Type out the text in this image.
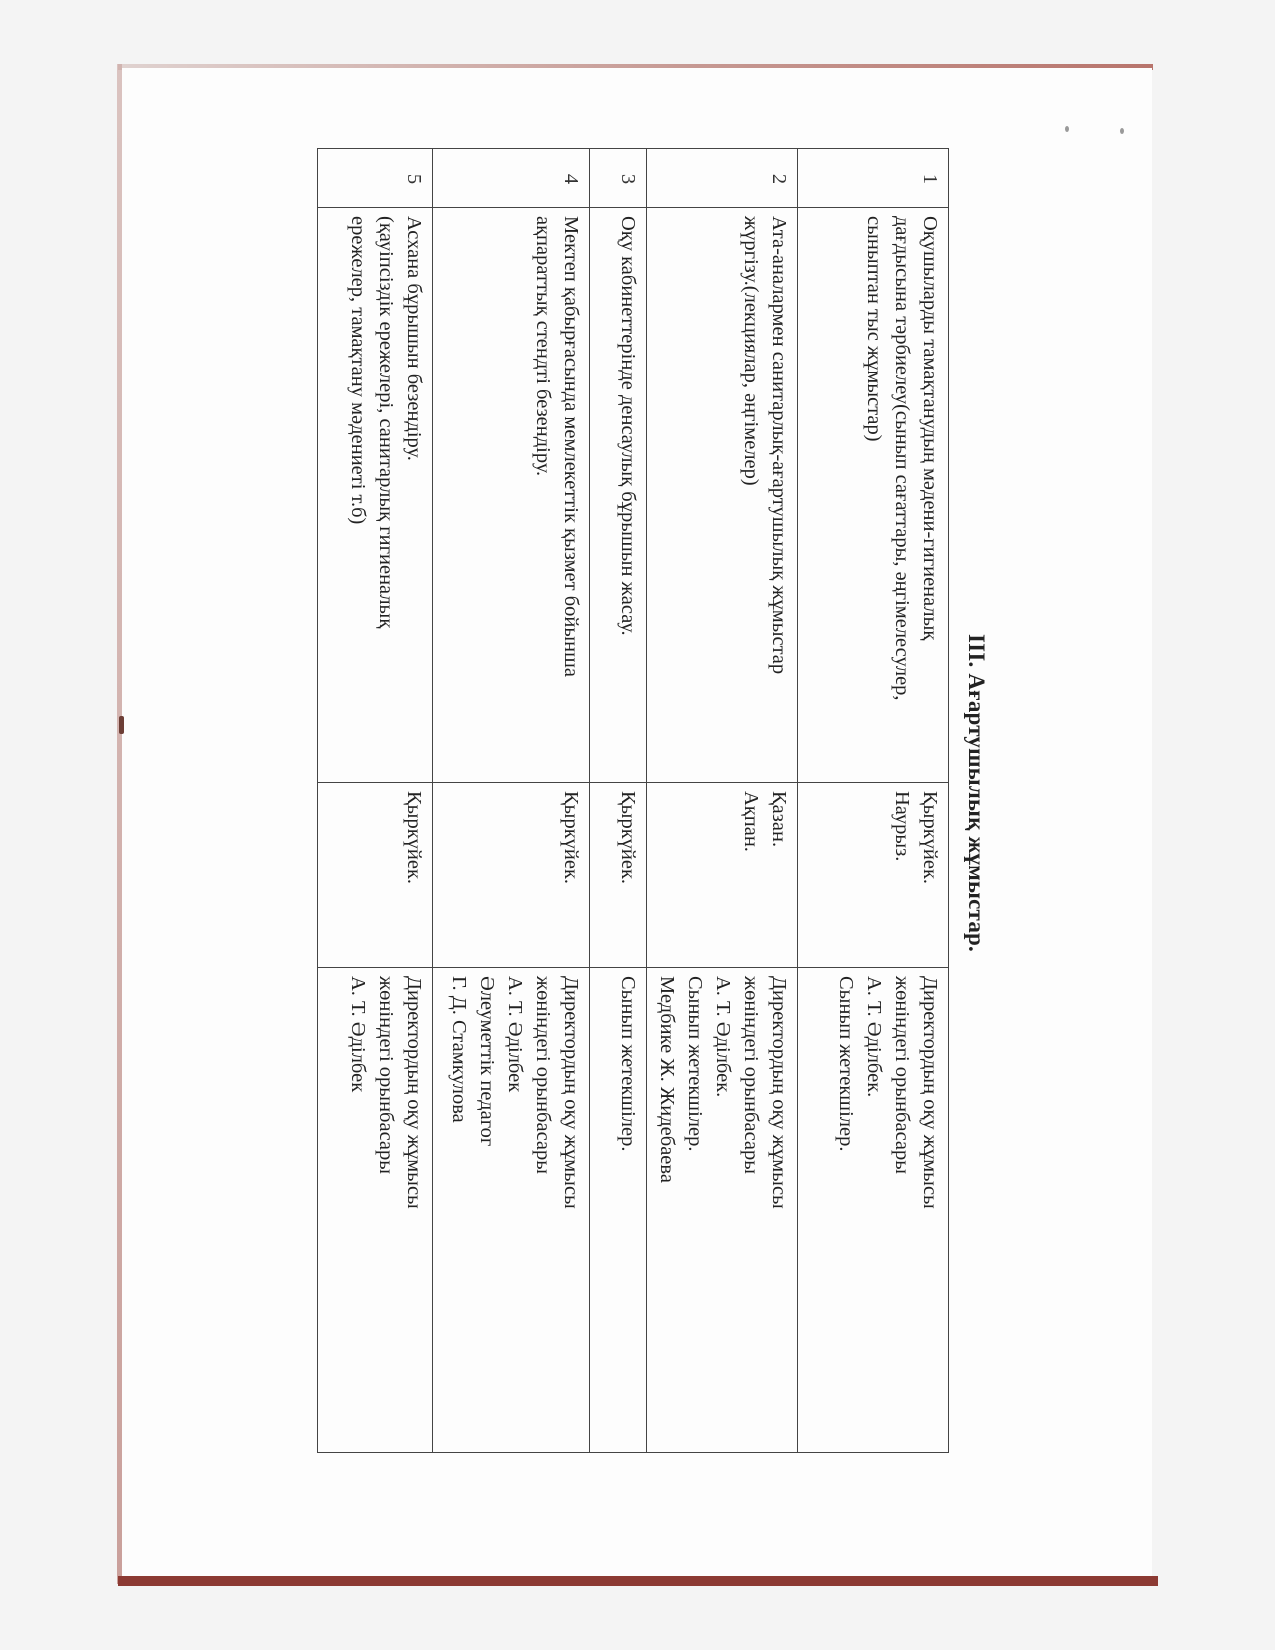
III. Ағартушылық жұмыстар.
1	Оқушыларды тамақтанудың мәдени-гигиеналық
дағдысына тәрбиелеу(сынып сағаттары, әңгімелесулер,
сыныптан тыс жұмыстар)	Қыркүйек.
Наурыз.	Директордың оқу жұмысы
жөніндегі орынбасары
А. Т. Әділбек.
Сынып жетекшілер.

2	Ата-аналармен санитарлық-ағартушылық жұмыстар
жүргізу.(лекциялар, әңгімелер)	Қазан.
Ақпан.	Директордың оқу жұмысы
жөніндегі орынбасары
А. Т. Әділбек.
Сынып жетекшілер.
Медбике Ж. Жидебаева

3	Оқу кабинеттерінде денсаулық бұрышын жасау.	Қыркүйек.	Сынып жетекшілер.

4	Мектеп қабырғасында мемлекеттік қызмет бойынша
ақпараттық стендті безендіру.	Қыркүйек.	Директордың оқу жұмысы
жөніндегі орынбасары
А. Т. Әділбек
Әлеуметтік педагог
Г. Д. Стамкулова

5	Асхана бұрышын безендіру.
(қауіпсіздік ережелері, санитарлық гигиеналық
ережелер, тамақтану мәдениеті т.б)	Қыркүйек.	Директордың оқу жұмысы
жөніндегі орынбасары
А. Т. Әділбек
